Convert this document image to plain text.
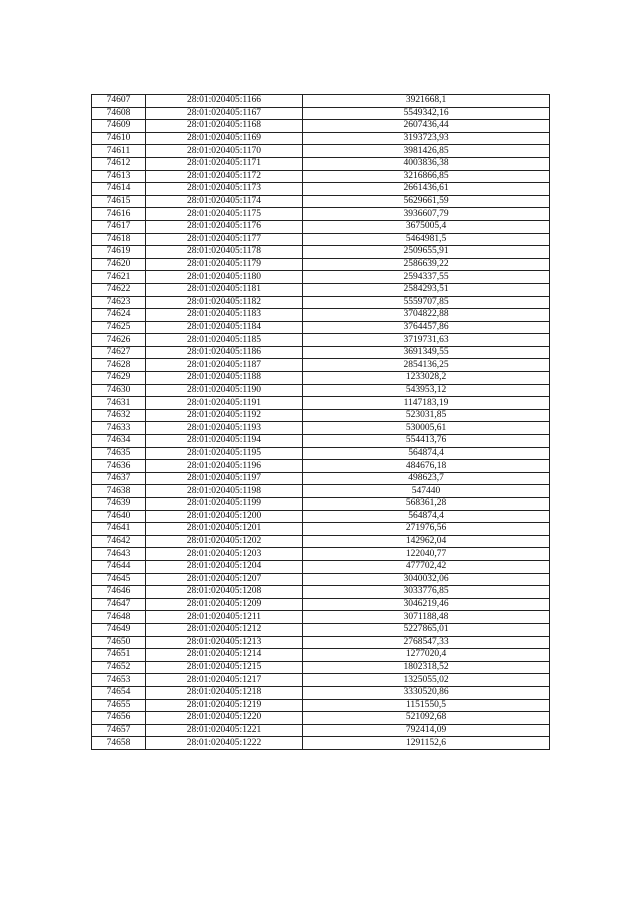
74607	28:01:020405:1166	3921668,1
74608	28:01:020405:1167	5549342,16
74609	28:01:020405:1168	2607436,44
74610	28:01:020405:1169	3193723,93
74611	28:01:020405:1170	3981426,85
74612	28:01:020405:1171	4003836,38
74613	28:01:020405:1172	3216866,85
74614	28:01:020405:1173	2661436,61
74615	28:01:020405:1174	5629661,59
74616	28:01:020405:1175	3936607,79
74617	28:01:020405:1176	3675005,4
74618	28:01:020405:1177	5464981,5
74619	28:01:020405:1178	2509655,91
74620	28:01:020405:1179	2586639,22
74621	28:01:020405:1180	2594337,55
74622	28:01:020405:1181	2584293,51
74623	28:01:020405:1182	5559707,85
74624	28:01:020405:1183	3704822,88
74625	28:01:020405:1184	3764457,86
74626	28:01:020405:1185	3719731,63
74627	28:01:020405:1186	3691349,55
74628	28:01:020405:1187	2854136,25
74629	28:01:020405:1188	1233028,2
74630	28:01:020405:1190	543953,12
74631	28:01:020405:1191	1147183,19
74632	28:01:020405:1192	523031,85
74633	28:01:020405:1193	530005,61
74634	28:01:020405:1194	554413,76
74635	28:01:020405:1195	564874,4
74636	28:01:020405:1196	484676,18
74637	28:01:020405:1197	498623,7
74638	28:01:020405:1198	547440
74639	28:01:020405:1199	568361,28
74640	28:01:020405:1200	564874,4
74641	28:01:020405:1201	271976,56
74642	28:01:020405:1202	142962,04
74643	28:01:020405:1203	122040,77
74644	28:01:020405:1204	477702,42
74645	28:01:020405:1207	3040032,06
74646	28:01:020405:1208	3033776,85
74647	28:01:020405:1209	3046219,46
74648	28:01:020405:1211	3071188,48
74649	28:01:020405:1212	5227865,01
74650	28:01:020405:1213	2768547,33
74651	28:01:020405:1214	1277020,4
74652	28:01:020405:1215	1802318,52
74653	28:01:020405:1217	1325055,02
74654	28:01:020405:1218	3330520,86
74655	28:01:020405:1219	1151550,5
74656	28:01:020405:1220	521092,68
74657	28:01:020405:1221	792414,09
74658	28:01:020405:1222	1291152,6
